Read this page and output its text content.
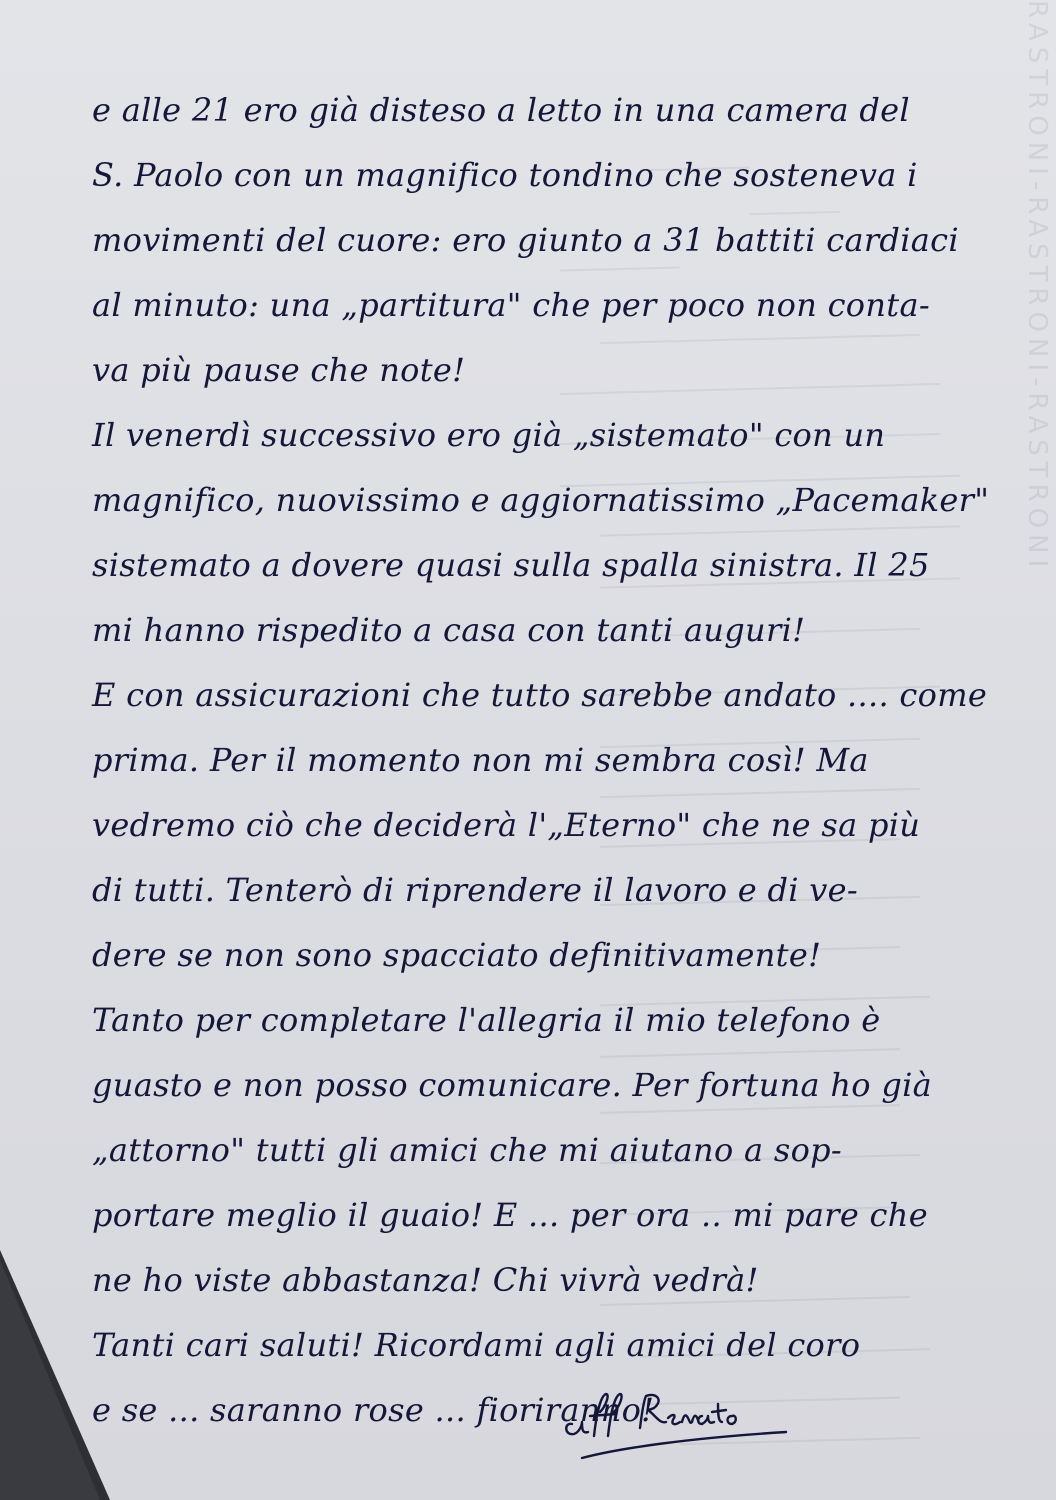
RASTRONI-RASTRONI-RASTRONI
e alle 21 ero già disteso a letto in una camera del
S. Paolo con un magnifico tondino che sosteneva i
movimenti del cuore: ero giunto a 31 battiti cardiaci
al minuto: una „partitura" che per poco non conta-
va più pause che note!
Il venerdì successivo ero già „sistemato" con un
magnifico, nuovissimo e aggiornatissimo „Pacemaker"
sistemato a dovere quasi sulla spalla sinistra. Il 25
mi hanno rispedito a casa con tanti auguri!
E con assicurazioni che tutto sarebbe andato .... come
prima. Per il momento non mi sembra così! Ma
vedremo ciò che deciderà l'„Eterno" che ne sa più
di tutti. Tenterò di riprendere il lavoro e di ve-
dere se non sono spacciato definitivamente!
Tanto per completare l'allegria il mio telefono è
guasto e non posso comunicare. Per fortuna ho già
„attorno" tutti gli amici che mi aiutano a sop-
portare meglio il guaio! E ... per ora .. mi pare che
ne ho viste abbastanza! Chi vivrà vedrà!
Tanti cari saluti! Ricordami agli amici del coro
e se ... saranno rose ... fioriranno!
